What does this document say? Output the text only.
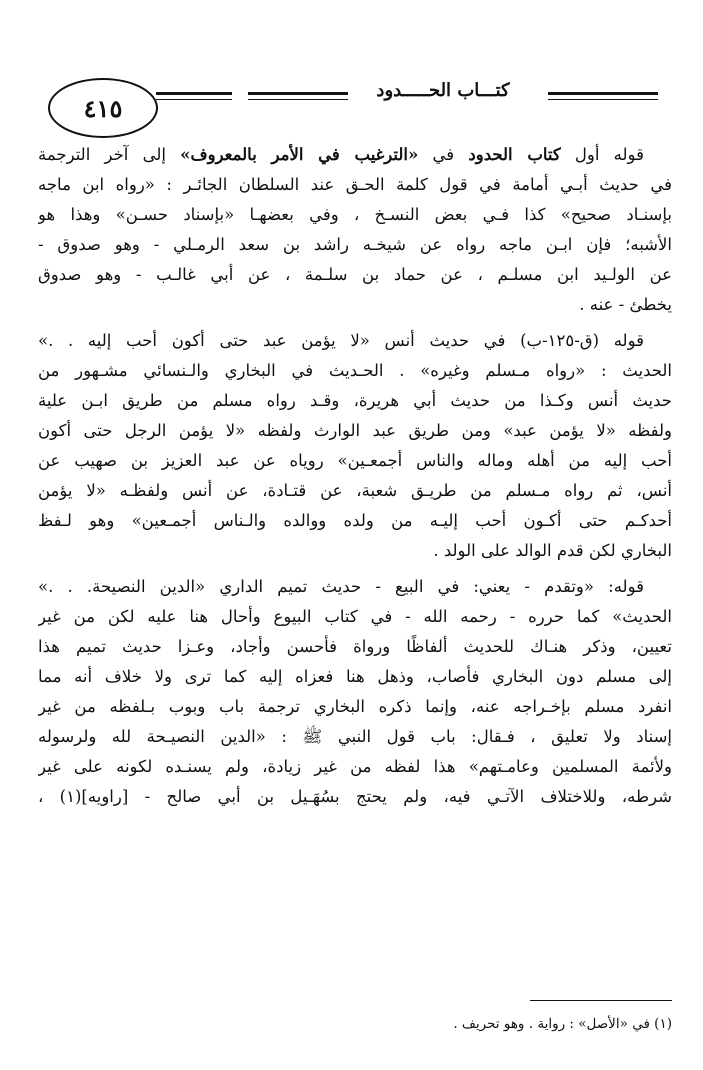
٤١٥
كتـــاب الحـــــدود
قوله أول كتاب الحدود في «الترغيب في الأمر بالمعروف» إلى آخر الترجمة
في حديث أبـي أمامة في قول كلمة الحـق عند السلطان الجائـر : «رواه ابن ماجه
بإسنـاد صحيح» كذا فـي بعض النسـخ ، وفي بعضهـا «بإسناد حسـن» وهذا هو
الأشبه؛ فإن ابـن ماجه رواه عن شيخـه راشد بن سعد الرمـلي - وهو صدوق -
عن الولـيد ابن مسلـم ، عن حماد بن سلـمة ، عن أبي غالـب - وهو صدوق
يخطئ - عنه .
قوله (ق-١٢٥-ب) في حديث أنس «لا يؤمن عبد حتى أكون أحب إليه . .»
الحديث : «رواه مـسلم وغيره» . الحـديث في البخاري والـنسائي مشـهور من
حديث أنس وكـذا من حديث أبي هريرة، وقـد رواه مسلم من طريق ابـن علية
ولفظه «لا يؤمن عبد» ومن طريق عبد الوارث ولفظه «لا يؤمن الرجل حتى أكون
أحب إليه من أهله وماله والناس أجمعـين» روياه عن عبد العزيز بن صهيب عن
أنس، ثم رواه مـسلم من طريـق شعبة، عن قتـادة، عن أنس ولفظـه «لا يؤمن
أحدكـم حتى أكـون أحب إليـه من ولده ووالده والـناس أجمـعين» وهو لـفظ
البخاري لكن قدم الوالد على الولد .
قوله: «وتقدم - يعني: في البيع - حديث تميم الداري «الدين النصيحة. . .»
الحديث» كما حرره - رحمه الله - في كتاب البيوع وأحال هنا عليه لكن من غير
تعيين، وذكر هنـاك للحديث ألفاظًا ورواة فأحسن وأجاد، وعـزا حديث تميم هذا
إلى مسلم دون البخاري فأصاب، وذهل هنا فعزاه إليه كما ترى ولا خلاف أنه مما
انفرد مسلم بإخـراجه عنه، وإنما ذكره البخاري ترجمة باب وبوب بـلفظه من غير
إسناد ولا تعليق ، فـقال: باب قول النبي ﷺ : «الدين النصيـحة لله ولرسوله
ولأئمة المسلمين وعامـتهم» هذا لفظه من غير زيادة، ولم يسنـده لكونه على غير
شرطه، وللاختلاف الآتـي فيه، ولم يحتج بسُهَـيل بن أبي صالح - [راويه](١) ،
(١) في «الأصل» : رواية . وهو تحريف .
